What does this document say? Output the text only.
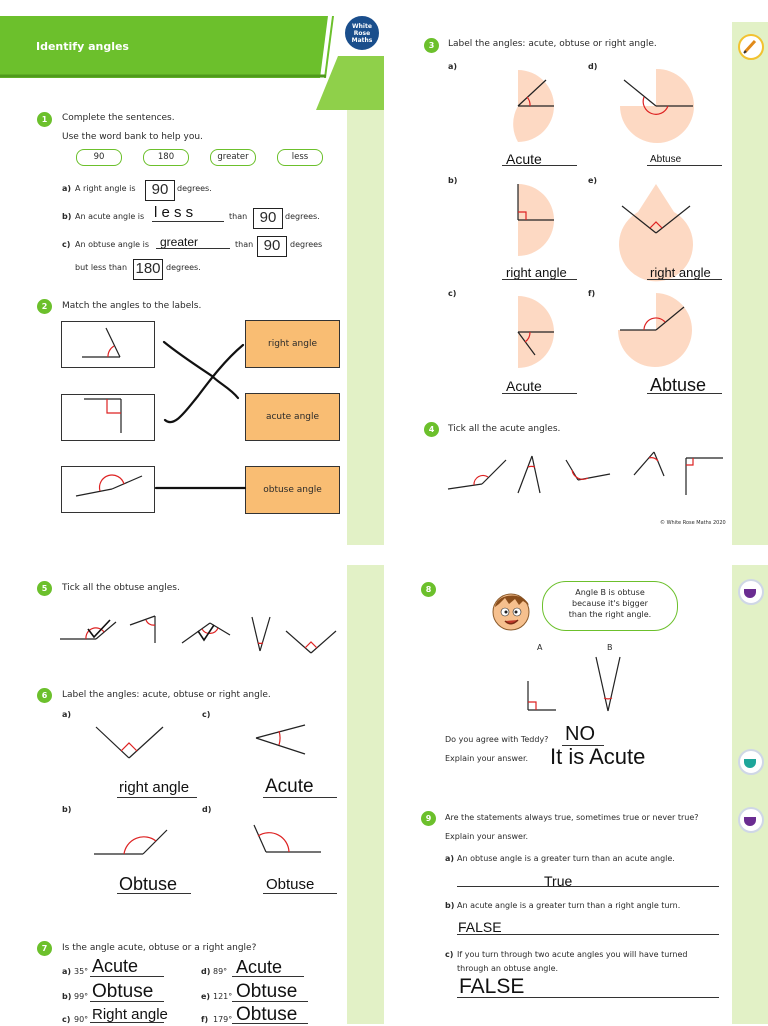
Identify angles
White Rose Maths
1	Complete the sentences.
Use the word bank to help you.
90	180	greater	less
a) A right angle is	90	degrees.
b) An acute angle is l e s s	than 90	degrees.
c) An obtuse angle is greater	than 90	degrees
but less than 180 degrees.
2	Match the angles to the labels.
right angle
acute angle
obtuse angle
3	Label the angles: acute, obtuse or right angle.
a)	d)
b)	e)
c)	f)
Acute	Abtuse
right angle	right angle
Acute	Abtuse
4	Tick all the acute angles.
© White Rose Maths 2020
5	Tick all the obtuse angles.
6	Label the angles: acute, obtuse or right angle.
a)	c)
b)	d)
right angle	Acute
Obtuse	Obtuse
7	Is the angle acute, obtuse or a right angle?
a) 35° Acute	d) 89° Acute
b) 99° Obtuse	e) 121° Obtuse
c) 90° Right angle	f) 179° Obtuse
8	Angle B is obtuse because it's bigger than the right angle.
A	B
Do you agree with Teddy? NO
Explain your answer. It is Acute
9	Are the statements always true, sometimes true or never true?
Explain your answer.
a) An obtuse angle is a greater turn than an acute angle.
True
b) An acute angle is a greater turn than a right angle turn.
FALSE
c) If you turn through two acute angles you will have turned
through an obtuse angle.
FALSE
